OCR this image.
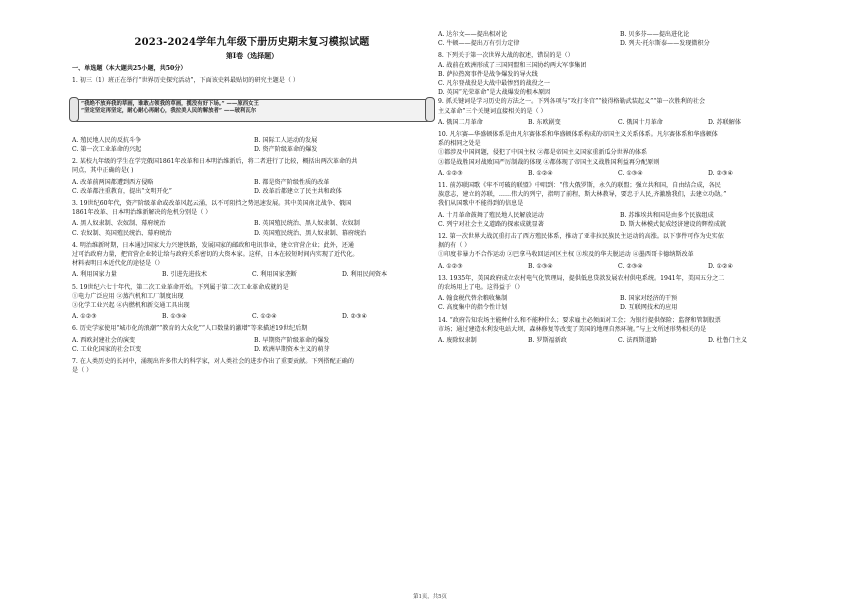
2023-2024学年九年级下册历史期末复习模拟试题
第Ⅰ卷（选择题）
一、单选题（本大题共25小题，共50分）
1. 初三（1）班正在举行“世界历史探究活动”，下面该史料最贴切的研究主题是（ ）
“我绝不放弃我的草画，谁敢占领我的草画，揽没有好下场。” ——原西女王
“坚定坚定再坚定，耐心耐心再耐心，我拉美人民的解放者” ——玻利瓦尔
A. 殖民地人民的反抗斗争	B. 国际工人运动的发展
C. 第一次工业革命的兴起	D. 资产阶级革命的爆发
2. 某校九年级的学生在学完俄国1861年改革和日本明治维新后，将二者进行了比较，概括出两次革命的共
同点，其中正确的是( )
A. 改革前两国都遭到西方侵略	B. 都是资产阶级性质的改革
C. 改革都注重教育，提出“文明开化”	D. 改革后都建立了民主共和政体
3. 19世纪60年代，资产阶级革命或改革风起云涌，以不可阻挡之势迅速发展。其中美国南北战争、俄国
1861年改革、日本明治维新解决的危机分别是（ ）
A. 黑人奴隶制、农奴制、幕府统治	B. 英国殖民统治、黑人奴隶制、农奴制
C. 农奴制、英国殖民统治、幕府统治	D. 英国殖民统治、黑人奴隶制、幕府统治
4. 明治维新时期，日本通过国家大力兴建铁路，发展国家的邮政和电讯事业，建立官营企业；此外，还通
过可治政府力量，把官营企业转让给与政府关系密切的大资本家。这样，日本在较短时间内实现了近代化。
材料表明日本近代化的途径是（）
A. 利用国家力量	B. 引进先进技术	C. 利用国家垄断	D. 利用民间资本
5. 19世纪六七十年代，第二次工业革命开始。下列属于第二次工业革命成就的是
①电力广泛应用 ②蒸汽机和工厂制度出现
③化学工业兴起 ④内燃机和新交通工具出现
A. ①②③	B. ①③④	C. ①②④	D. ②③④
6. 历史学家使用“城市化的浪潮”“教育的大众化”“人口数量的激增”等来描述19世纪后期
A. 西欧封建社会的演变	B. 早期资产阶级革命的爆发
C. 工业化国家的社会巨变	D. 欧洲早期资本主义的萌芽
7. 在人类历史的长河中，涌现出许多伟大的科学家，对人类社会的进步作出了重要贡献。下列搭配正确的
是（ ）
A. 达尔文——提出相对论	B. 贝多芬——提出进化论
C. 牛顿——提出万有引力定律	D. 列夫·托尔斯泰——发现微积分
8. 下列关于第一次世界大战的叙述，错误的是（）
A. 战前在欧洲形成了三国同盟和三国协约两大军事集团
B. 萨拉热窝事件是战争爆发的导火线
C. 凡尔登战役是大战中最惨烈的战役之一
D. 英国“光荣革命”是大战爆发的根本原因
9. 抓关键词是学习历史的方法之一。下列各项与“攻打冬宫”“彼得格勒武装起义”“第一次胜利的社会
主义革命”三个关键词直接相关的是（ ）
A. 俄国二月革命	B. 东欧剧变	C. 俄国十月革命	D. 苏联解体
10. 凡尔赛—华盛顿体系是由凡尔赛体系和华盛顿体系构成的帝国主义关系体系。凡尔赛体系和华盛顿体
系的相同之处是
①都涉及中国问题，侵犯了中国主权 ②都是帝国主义国家重新瓜分世界的体系
③都是战胜国对战败国严厉制裁的体现 ④都体现了帝国主义战胜国利益再分配原则
A. ①②③	B. ①②④	C. ①③④	D. ②③④
11. 前苏联国歌《牢不可破的联盟》中唱到：“伟大俄罗斯，永久的联盟；强立共和国，自由结合成，各民
族意志，建立的苏联，……伟大的列宁，指明了前程，斯大林教导，要忠于人民,齐激励我们，去建立功勋。”
我们从国歌中不能得到的信息是
A. 十月革命鼓舞了殖民地人民解放运动	B. 苏维埃共和国是由多个民族组成
C. 列宁对社会主义道路的探索成就显著	D. 斯大林模式促成经济建设的辉煌成就
12. 第一次世界大战沉重打击了西方殖民体系，推动了亚非拉民族民主运动的高涨。以下事件可作为史实依
据的有（ ）
①印度非暴力不合作运动 ②巴拿马收回运河区主权 ③埃及的华夫脱运动 ④墨西哥卡德纳斯改革
A. ①②③	B. ①③④	C. ②③④	D. ①②④
13. 1935年，美国政府成立农村电气化管理局，提供低息贷款发展农村供电系统。1941年，美国五分之二
的农场用上了电。这得益于（）
A. 翰食税代替余粮收集制	B. 国家对经济的干预
C. 高度集中的指令性计划	D. 互联网技术的应用
14. “政府告知农场主能种什么和不能种什么；要求雇主必须面对工会；为银行提供保险；监督和管制股票
市场；通过建造水利发电站大坝、森林修复等改变了美国的地理自然环境。”与上文所述形势相关的是
A. 废除奴隶制	B. 罗斯福新政	C. 法西斯道路	D. 杜鲁门主义
第1页，共5页
